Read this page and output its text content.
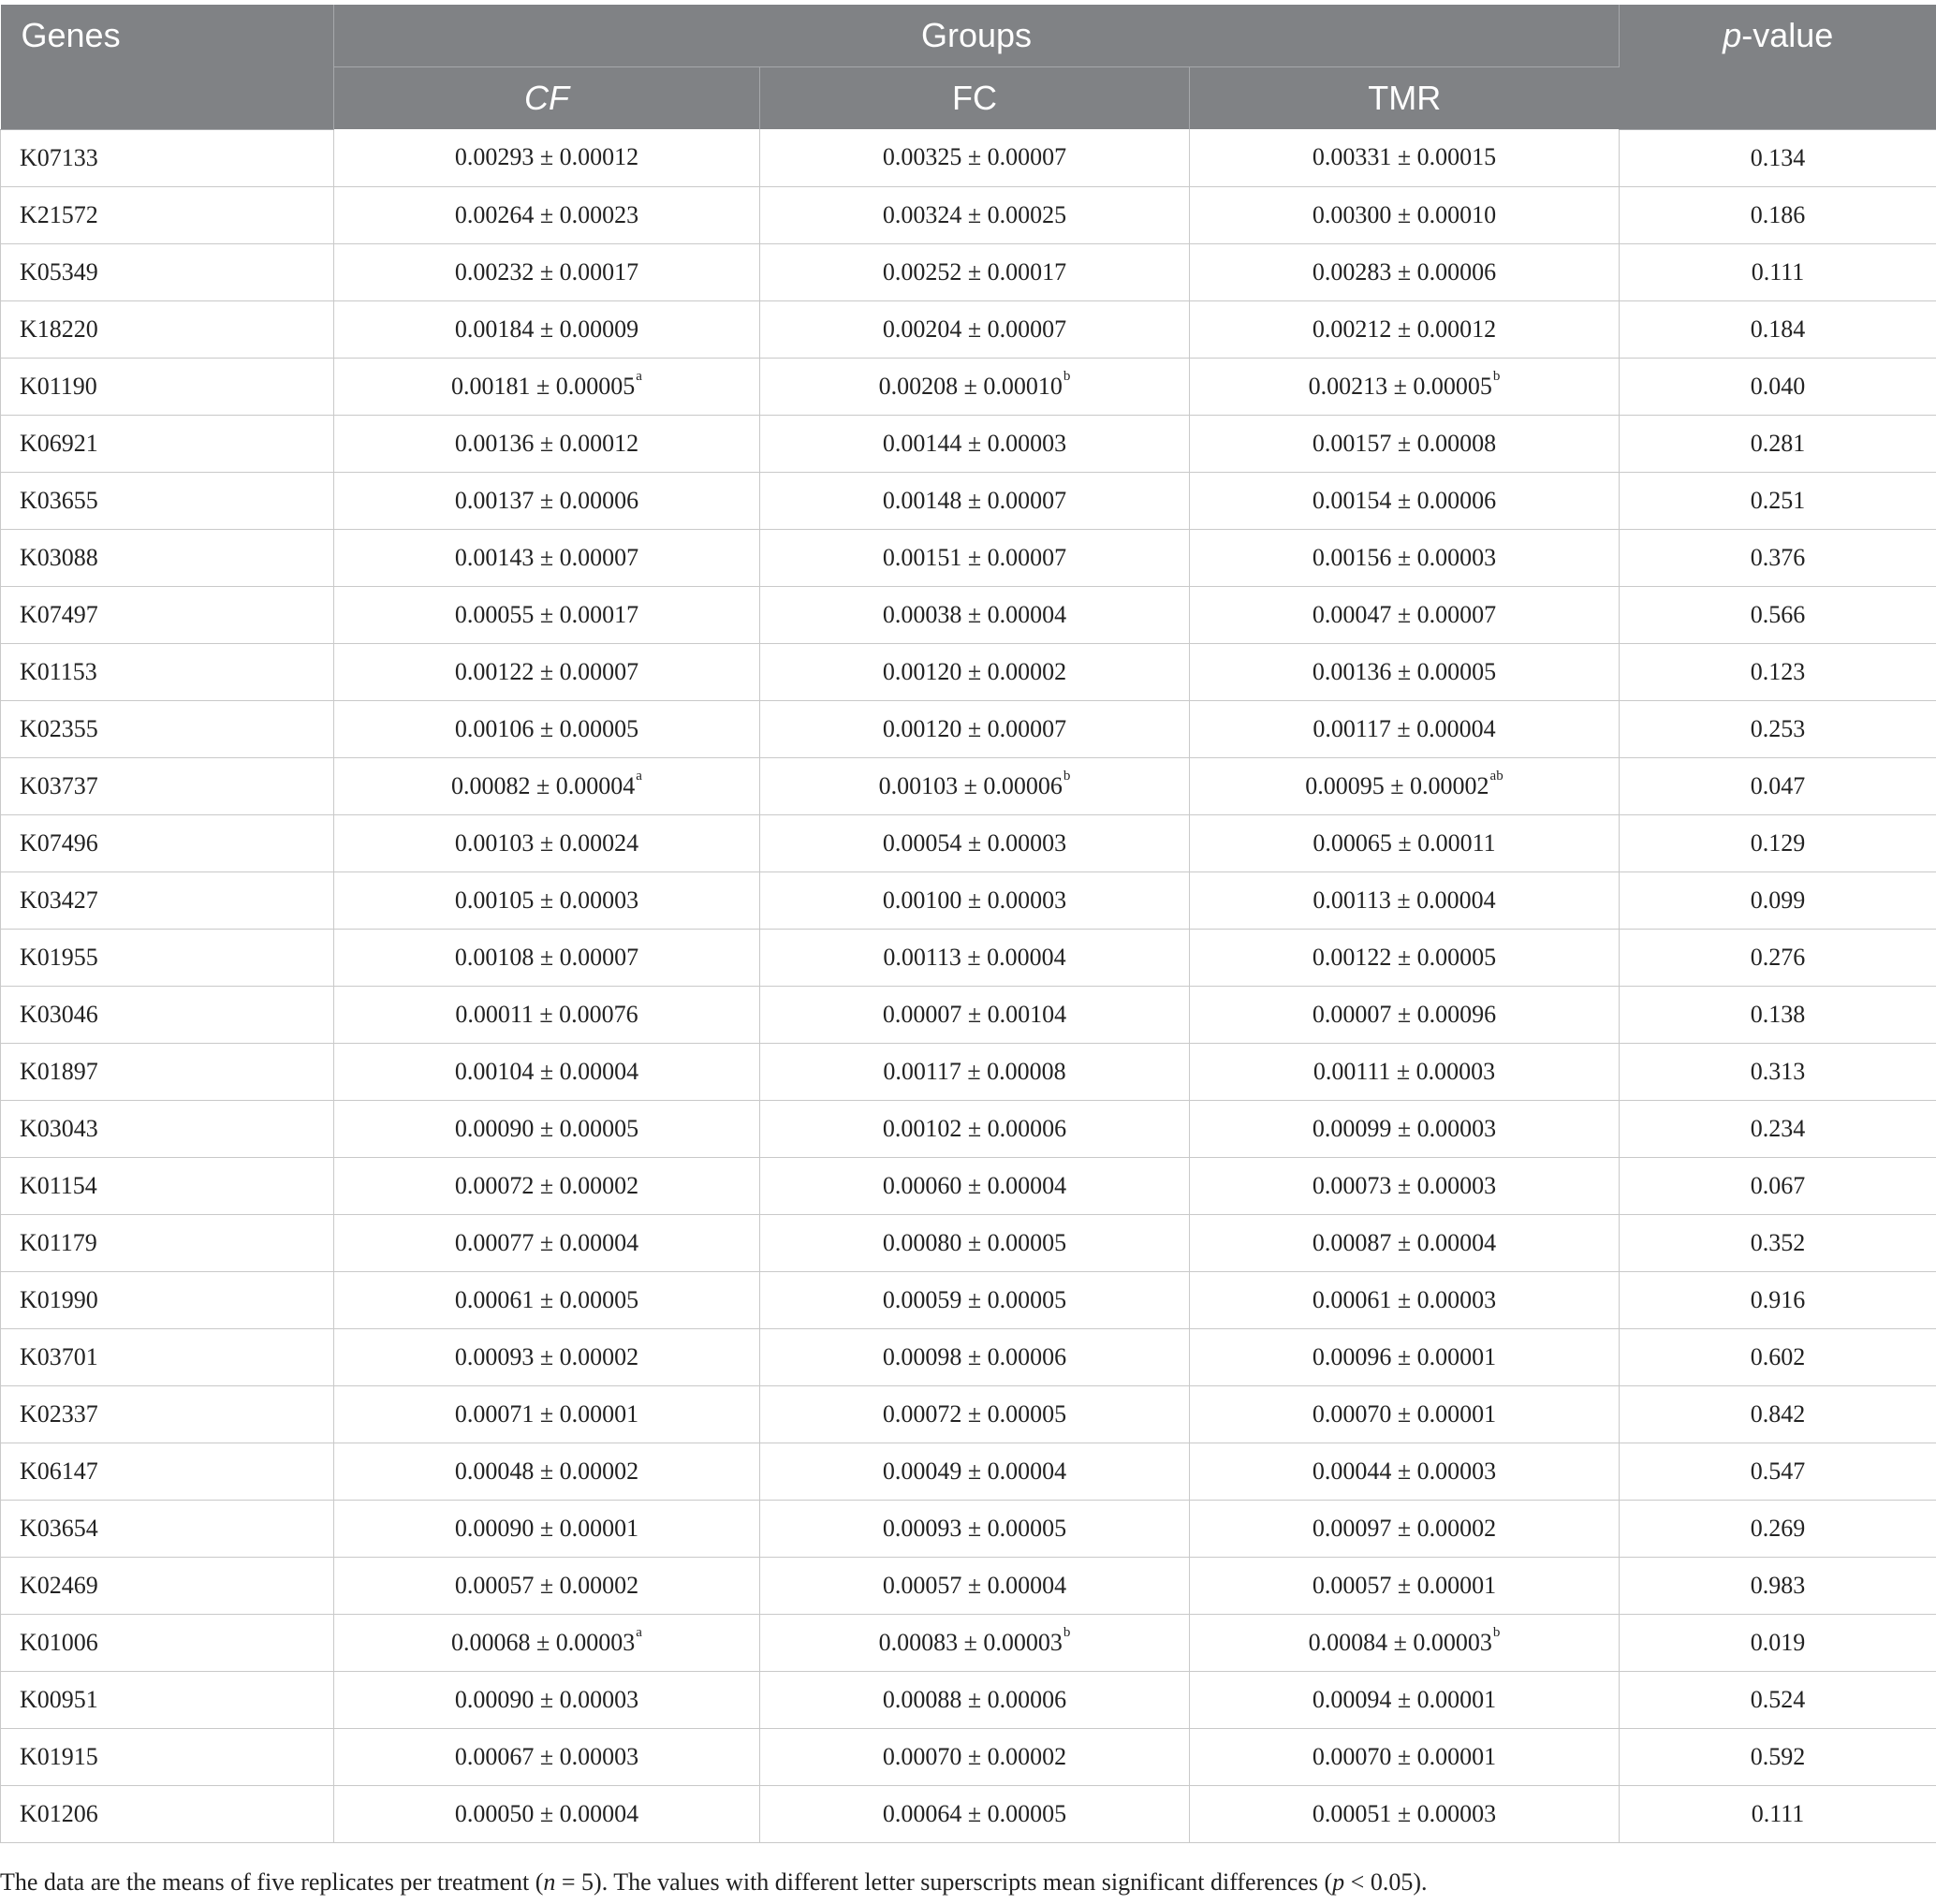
Genes	Groups			p-value
	CF	FC	TMR	
K07133	0.00293 ± 0.00012	0.00325 ± 0.00007	0.00331 ± 0.00015	0.134
K21572	0.00264 ± 0.00023	0.00324 ± 0.00025	0.00300 ± 0.00010	0.186
K05349	0.00232 ± 0.00017	0.00252 ± 0.00017	0.00283 ± 0.00006	0.111
K18220	0.00184 ± 0.00009	0.00204 ± 0.00007	0.00212 ± 0.00012	0.184
K01190	0.00181 ± 0.00005$^a$	0.00208 ± 0.00010$^b$	0.00213 ± 0.00005$^b$	0.040
K06921	0.00136 ± 0.00012	0.00144 ± 0.00003	0.00157 ± 0.00008	0.281
K03655	0.00137 ± 0.00006	0.00148 ± 0.00007	0.00154 ± 0.00006	0.251
K03088	0.00143 ± 0.00007	0.00151 ± 0.00007	0.00156 ± 0.00003	0.376
K07497	0.00055 ± 0.00017	0.00038 ± 0.00004	0.00047 ± 0.00007	0.566
K01153	0.00122 ± 0.00007	0.00120 ± 0.00002	0.00136 ± 0.00005	0.123
K02355	0.00106 ± 0.00005	0.00120 ± 0.00007	0.00117 ± 0.00004	0.253
K03737	0.00082 ± 0.00004$^a$	0.00103 ± 0.00006$^b$	0.00095 ± 0.00002$^{ab}$	0.047
K07496	0.00103 ± 0.00024	0.00054 ± 0.00003	0.00065 ± 0.00011	0.129
K03427	0.00105 ± 0.00003	0.00100 ± 0.00003	0.00113 ± 0.00004	0.099
K01955	0.00108 ± 0.00007	0.00113 ± 0.00004	0.00122 ± 0.00005	0.276
K03046	0.00011 ± 0.00076	0.00007 ± 0.00104	0.00007 ± 0.00096	0.138
K01897	0.00104 ± 0.00004	0.00117 ± 0.00008	0.00111 ± 0.00003	0.313
K03043	0.00090 ± 0.00005	0.00102 ± 0.00006	0.00099 ± 0.00003	0.234
K01154	0.00072 ± 0.00002	0.00060 ± 0.00004	0.00073 ± 0.00003	0.067
K01179	0.00077 ± 0.00004	0.00080 ± 0.00005	0.00087 ± 0.00004	0.352
K01990	0.00061 ± 0.00005	0.00059 ± 0.00005	0.00061 ± 0.00003	0.916
K03701	0.00093 ± 0.00002	0.00098 ± 0.00006	0.00096 ± 0.00001	0.602
K02337	0.00071 ± 0.00001	0.00072 ± 0.00005	0.00070 ± 0.00001	0.842
K06147	0.00048 ± 0.00002	0.00049 ± 0.00004	0.00044 ± 0.00003	0.547
K03654	0.00090 ± 0.00001	0.00093 ± 0.00005	0.00097 ± 0.00002	0.269
K02469	0.00057 ± 0.00002	0.00057 ± 0.00004	0.00057 ± 0.00001	0.983
K01006	0.00068 ± 0.00003$^a$	0.00083 ± 0.00003$^b$	0.00084 ± 0.00003$^b$	0.019
K00951	0.00090 ± 0.00003	0.00088 ± 0.00006	0.00094 ± 0.00001	0.524
K01915	0.00067 ± 0.00003	0.00070 ± 0.00002	0.00070 ± 0.00001	0.592
K01206	0.00050 ± 0.00004	0.00064 ± 0.00005	0.00051 ± 0.00003	0.111
The data are the means of five replicates per treatment (n = 5). The values with different letter superscripts mean significant differences (p < 0.05).
